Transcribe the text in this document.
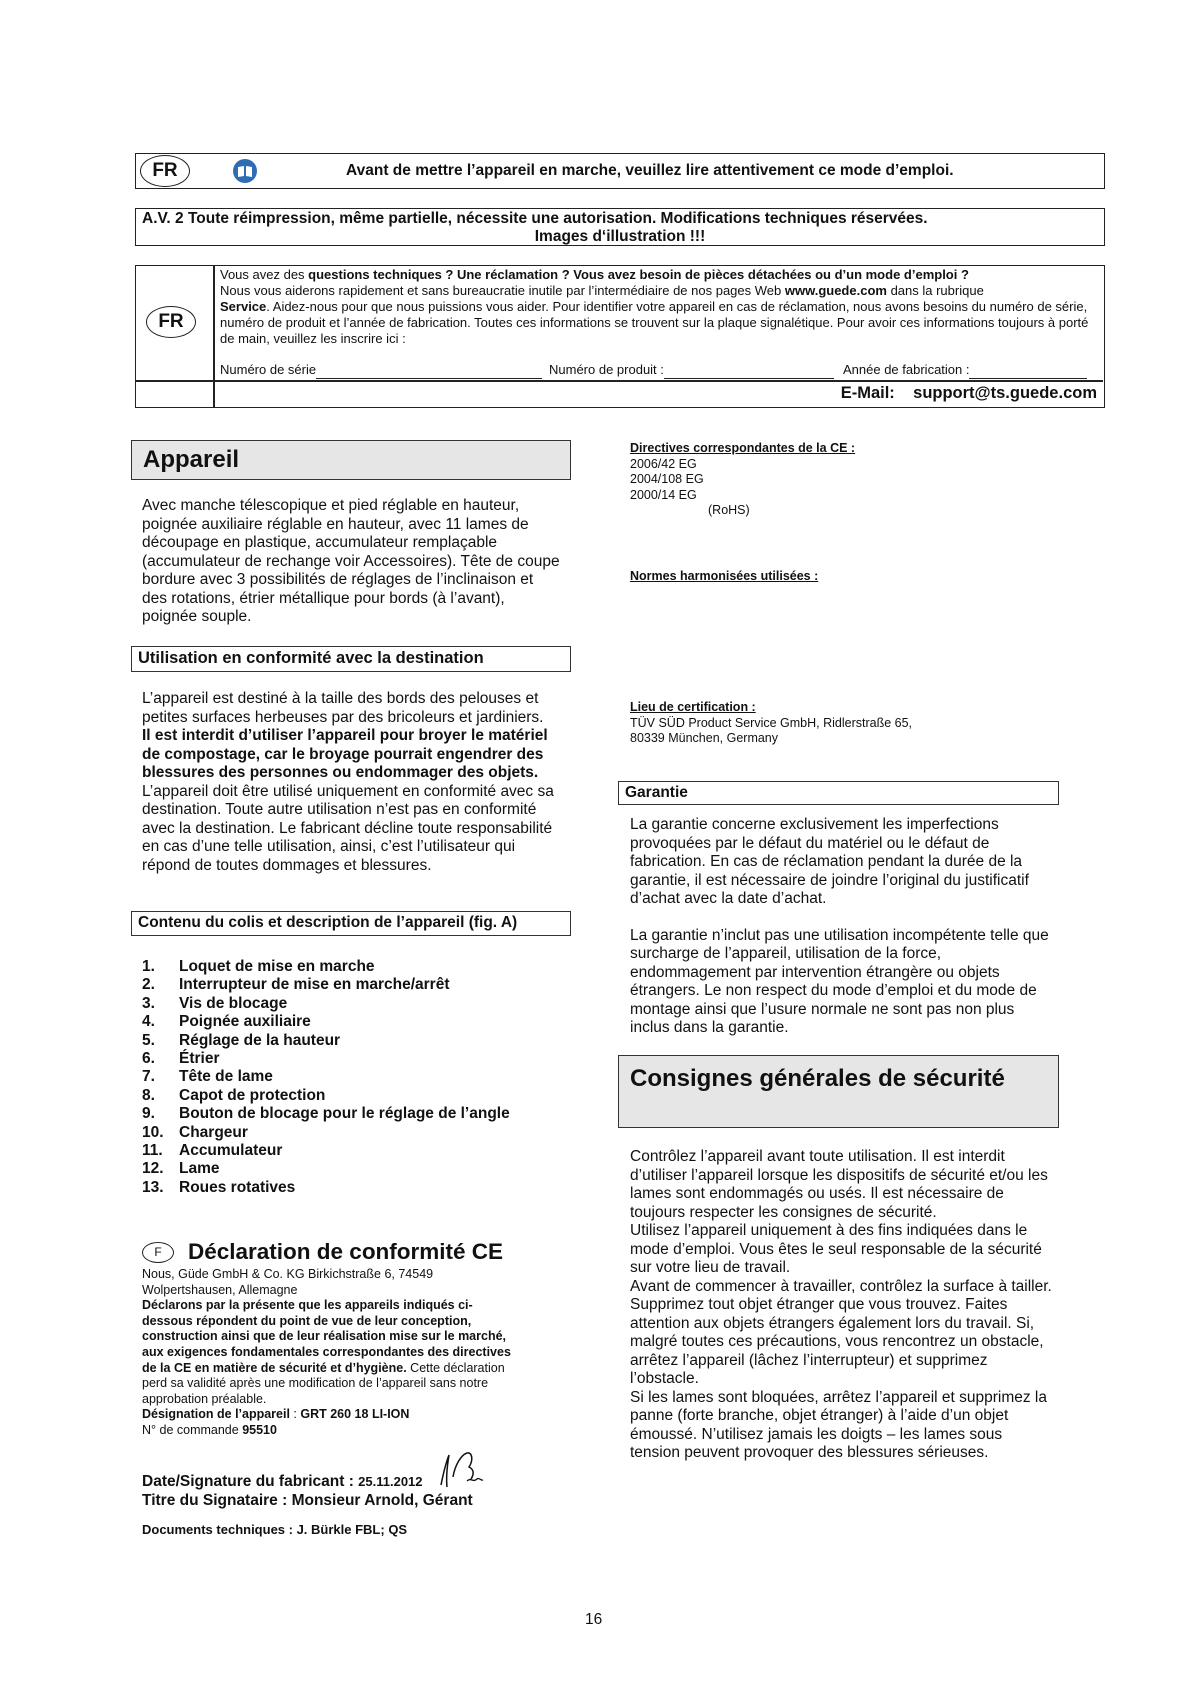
FR	Avant de mettre l’appareil en marche, veuillez lire attentivement ce mode d’emploi.
A.V. 2 Toute réimpression, même partielle, nécessite une autorisation. Modifications techniques réservées.
Images d‘illustration !!!
FR
Vous avez des questions techniques ? Une réclamation ? Vous avez besoin de pièces détachées ou d’un mode d’emploi ?
Nous vous aiderons rapidement et sans bureaucratie inutile par l’intermédiaire de nos pages Web www.guede.com dans la rubrique
Service. Aidez-nous pour que nous puissions vous aider. Pour identifier votre appareil en cas de réclamation, nous avons besoins du numéro de série, numéro de produit et l’année de fabrication. Toutes ces informations se trouvent sur la plaque signalétique. Pour avoir ces informations toujours à porté de main, veuillez les inscrire ici :
Numéro de série	Numéro de produit :	Année de fabrication :
E-Mail: support@ts.guede.com
Appareil
Avec manche télescopique et pied réglable en hauteur, poignée auxiliaire réglable en hauteur, avec 11 lames de découpage en plastique, accumulateur remplaçable (accumulateur de rechange voir Accessoires). Tête de coupe bordure avec 3 possibilités de réglages de l’inclinaison et des rotations, étrier métallique pour bords (à l’avant), poignée souple.
Utilisation en conformité avec la destination
L’appareil est destiné à la taille des bords des pelouses et petites surfaces herbeuses par des bricoleurs et jardiniers.
Il est interdit d’utiliser l’appareil pour broyer le matériel de compostage, car le broyage pourrait engendrer des blessures des personnes ou endommager des objets.
L’appareil doit être utilisé uniquement en conformité avec sa destination. Toute autre utilisation n’est pas en conformité avec la destination. Le fabricant décline toute responsabilité en cas d’une telle utilisation, ainsi, c’est l’utilisateur qui répond de toutes dommages et blessures.
Contenu du colis et description de l’appareil (fig. A)
1.	Loquet de mise en marche
2.	Interrupteur de mise en marche/arrêt
3.	Vis de blocage
4.	Poignée auxiliaire
5.	Réglage de la hauteur
6.	Étrier
7.	Tête de lame
8.	Capot de protection
9.	Bouton de blocage pour le réglage de l’angle
10. Chargeur
11.	Accumulateur
12. Lame
13. Roues rotatives
F Déclaration de conformité CE
Nous, Güde GmbH & Co. KG Birkichstraße 6, 74549 Wolpertshausen, Allemagne
Déclarons par la présente que les appareils indiqués ci-dessous répondent du point de vue de leur conception, construction ainsi que de leur réalisation mise sur le marché, aux exigences fondamentales correspondantes des directives de la CE en matière de sécurité et d’hygiène. Cette déclaration perd sa validité après une modification de l’appareil sans notre approbation préalable.
Désignation de l’appareil : GRT 260 18 LI-ION
N° de commande 95510
Date/Signature du fabricant : 25.11.2012
Titre du Signataire : Monsieur Arnold, Gérant
Documents techniques : J. Bürkle FBL; QS
Directives correspondantes de la CE :
2006/42 EG
2004/108 EG
2000/14 EG
(RoHS)
Normes harmonisées utilisées :
Lieu de certification :
TÜV SÜD Product Service GmbH, Ridlerstraße 65,
80339 München, Germany
Garantie
La garantie concerne exclusivement les imperfections provoquées par le défaut du matériel ou le défaut de fabrication. En cas de réclamation pendant la durée de la garantie, il est nécessaire de joindre l’original du justificatif d’achat avec la date d’achat.
La garantie n’inclut pas une utilisation incompétente telle que surcharge de l’appareil, utilisation de la force, endommagement par intervention étrangère ou objets étrangers. Le non respect du mode d’emploi et du mode de montage ainsi que l’usure normale ne sont pas non plus inclus dans la garantie.
Consignes générales de sécurité
Contrôlez l’appareil avant toute utilisation. Il est interdit d’utiliser l’appareil lorsque les dispositifs de sécurité et/ou les lames sont endommagés ou usés. Il est nécessaire de toujours respecter les consignes de sécurité.
Utilisez l’appareil uniquement à des fins indiquées dans le mode d’emploi. Vous êtes le seul responsable de la sécurité sur votre lieu de travail.
Avant de commencer à travailler, contrôlez la surface à tailler. Supprimez tout objet étranger que vous trouvez. Faites attention aux objets étrangers également lors du travail. Si, malgré toutes ces précautions, vous rencontrez un obstacle, arrêtez l’appareil (lâchez l’interrupteur) et supprimez l’obstacle.
Si les lames sont bloquées, arrêtez l’appareil et supprimez la panne (forte branche, objet étranger) à l’aide d’un objet émoussé. N’utilisez jamais les doigts – les lames sous tension peuvent provoquer des blessures sérieuses.
16
